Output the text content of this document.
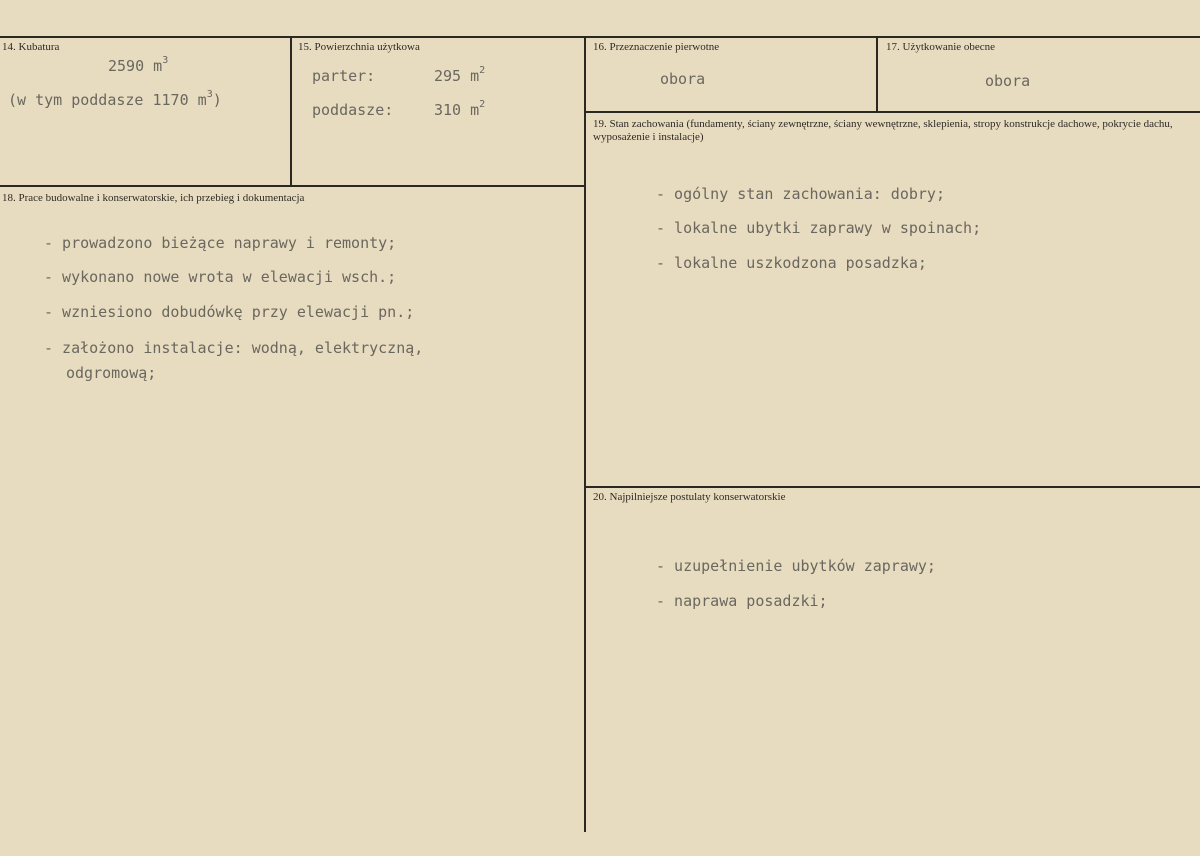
14. Kubatura
2590 $m^3$
(w tym poddasze 1170 $m^3$)
15. Powierzchnia użytkowa
parter:	295 $m^2$
poddasze:	310 $m^2$
16. Przeznaczenie pierwotne
obora
17. Użytkowanie obecne
obora
18. Prace budowalne i konserwatorskie, ich przebieg i dokumentacja
- prowadzono bieżące naprawy i remonty;
- wykonano nowe wrota w elewacji wsch.;
- wzniesiono dobudówkę przy elewacji pn.;
- założono instalacje: wodną, elektryczną,
odgromową;
19. Stan zachowania (fundamenty, ściany zewnętrzne, ściany wewnętrzne, sklepienia, stropy konstrukcje dachowe, pokrycie dachu, wyposażenie i instalacje)
- ogólny stan zachowania: dobry;
- lokalne ubytki zaprawy w spoinach;
- lokalne uszkodzona posadzka;
20. Najpilniejsze postulaty konserwatorskie
- uzupełnienie ubytków zaprawy;
- naprawa posadzki;
